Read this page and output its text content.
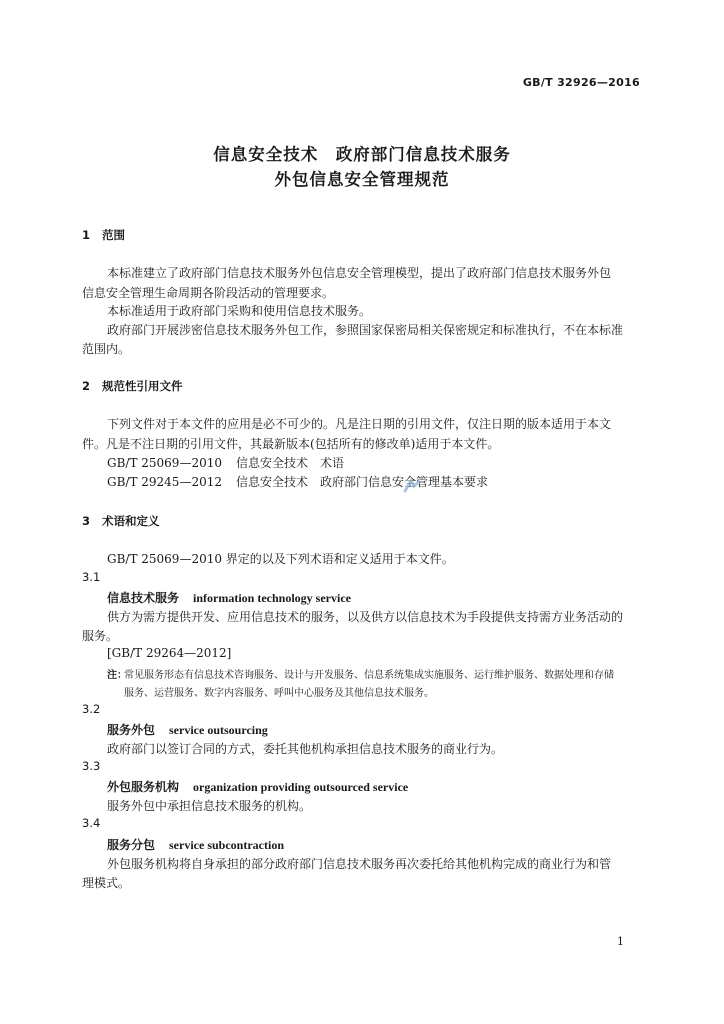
GB/T 32926—2016
信息安全技术　政府部门信息技术服务
外包信息安全管理规范
1 范围
本标准建立了政府部门信息技术服务外包信息安全管理模型，提出了政府部门信息技术服务外包
信息安全管理生命周期各阶段活动的管理要求。
本标准适用于政府部门采购和使用信息技术服务。
政府部门开展涉密信息技术服务外包工作，参照国家保密局相关保密规定和标准执行，不在本标准
范围内。
2 规范性引用文件
下列文件对于本文件的应用是必不可少的。凡是注日期的引用文件，仅注日期的版本适用于本文
件。凡是不注日期的引用文件，其最新版本(包括所有的修改单)适用于本文件。
GB/T 25069—2010 信息安全技术　术语
GB/T 29245—2012 信息安全技术　政府部门信息安全管理基本要求
3 术语和定义
GB/T 25069—2010 界定的以及下列术语和定义适用于本文件。
3.1
信息技术服务 information technology service
供方为需方提供开发、应用信息技术的服务，以及供方以信息技术为手段提供支持需方业务活动的
服务。
[GB/T 29264—2012]
注：
常见服务形态有信息技术咨询服务、设计与开发服务、信息系统集成实施服务、运行维护服务、数据处理和存储
服务、运营服务、数字内容服务、呼叫中心服务及其他信息技术服务。
3.2
服务外包 service outsourcing
政府部门以签订合同的方式，委托其他机构承担信息技术服务的商业行为。
3.3
外包服务机构 organization providing outsourced service
服务外包中承担信息技术服务的机构。
3.4
服务分包 service subcontraction
外包服务机构将自身承担的部分政府部门信息技术服务再次委托给其他机构完成的商业行为和管
理模式。
1
